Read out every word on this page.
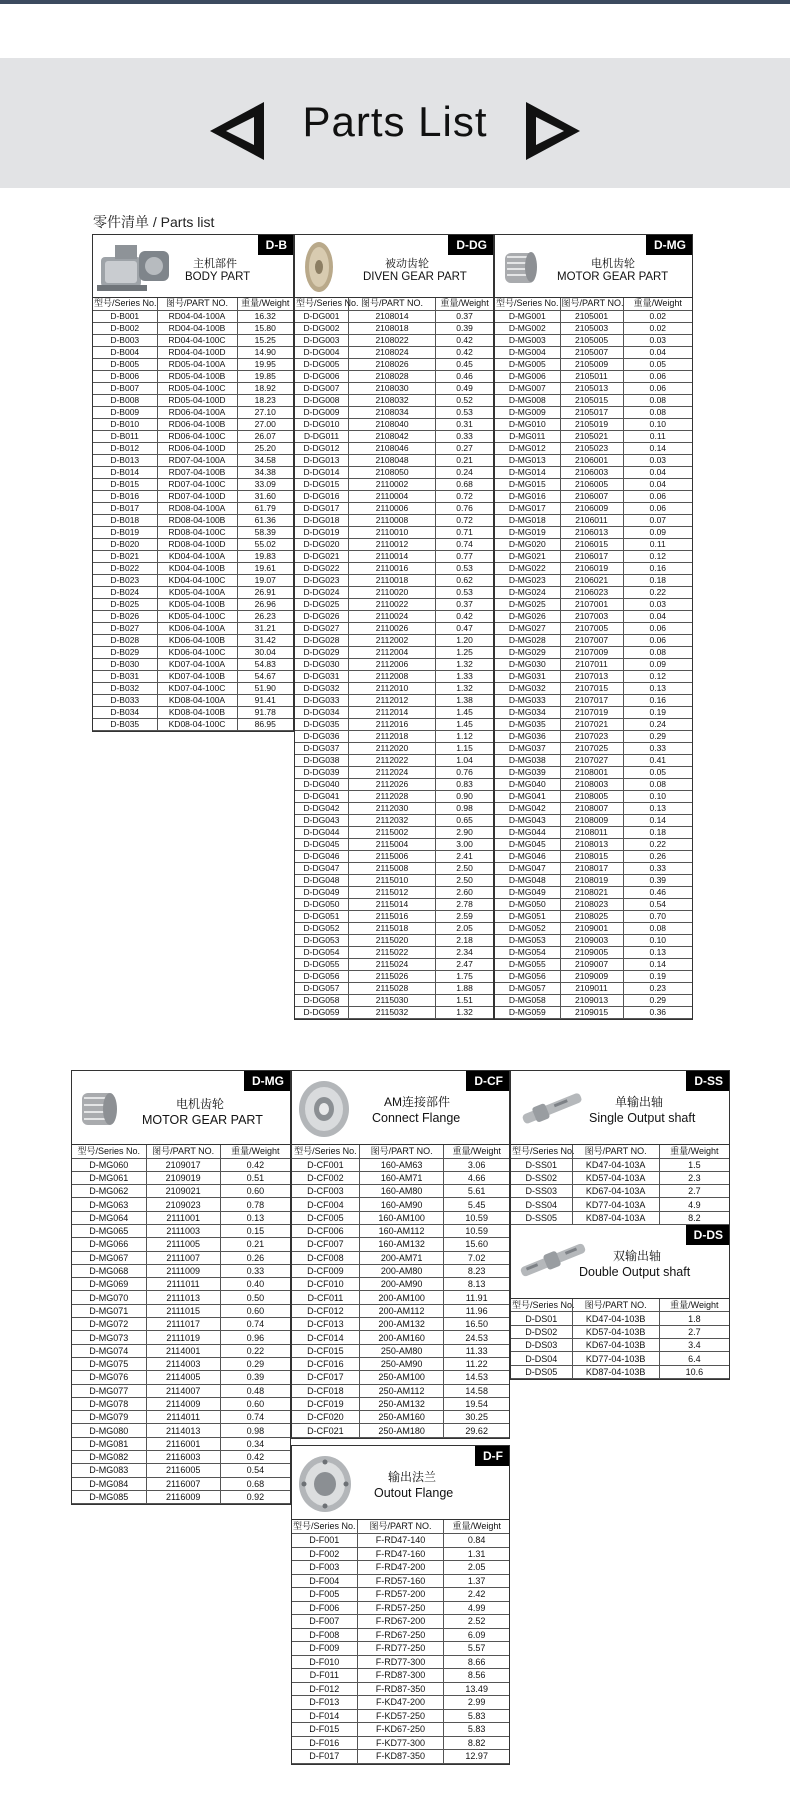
Parts List
零件清单 / Parts list
D-B
主机部件
BODY PART
型号/Series No.	图号/PART NO.	重量/Weight
D-B001	RD04-04-100A	16.32
D-B002	RD04-04-100B	15.80
D-B003	RD04-04-100C	15.25
D-B004	RD04-04-100D	14.90
D-B005	RD05-04-100A	19.95
D-B006	RD05-04-100B	19.85
D-B007	RD05-04-100C	18.92
D-B008	RD05-04-100D	18.23
D-B009	RD06-04-100A	27.10
D-B010	RD06-04-100B	27.00
D-B011	RD06-04-100C	26.07
D-B012	RD06-04-100D	25.20
D-B013	RD07-04-100A	34.58
D-B014	RD07-04-100B	34.38
D-B015	RD07-04-100C	33.09
D-B016	RD07-04-100D	31.60
D-B017	RD08-04-100A	61.79
D-B018	RD08-04-100B	61.36
D-B019	RD08-04-100C	58.39
D-B020	RD08-04-100D	55.02
D-B021	KD04-04-100A	19.83
D-B022	KD04-04-100B	19.61
D-B023	KD04-04-100C	19.07
D-B024	KD05-04-100A	26.91
D-B025	KD05-04-100B	26.96
D-B026	KD05-04-100C	26.23
D-B027	KD06-04-100A	31.21
D-B028	KD06-04-100B	31.42
D-B029	KD06-04-100C	30.04
D-B030	KD07-04-100A	54.83
D-B031	KD07-04-100B	54.67
D-B032	KD07-04-100C	51.90
D-B033	KD08-04-100A	91.41
D-B034	KD08-04-100B	91.78
D-B035	KD08-04-100C	86.95
D-DG
被动齿轮
DIVEN GEAR PART
型号/Series No.	图号/PART NO.	重量/Weight
D-DG001	2108014	0.37
D-DG002	2108018	0.39
D-DG003	2108022	0.42
D-DG004	2108024	0.42
D-DG005	2108026	0.45
D-DG006	2108028	0.46
D-DG007	2108030	0.49
D-DG008	2108032	0.52
D-DG009	2108034	0.53
D-DG010	2108040	0.31
D-DG011	2108042	0.33
D-DG012	2108046	0.27
D-DG013	2108048	0.21
D-DG014	2108050	0.24
D-DG015	2110002	0.68
D-DG016	2110004	0.72
D-DG017	2110006	0.76
D-DG018	2110008	0.72
D-DG019	2110010	0.71
D-DG020	2110012	0.74
D-DG021	2110014	0.77
D-DG022	2110016	0.53
D-DG023	2110018	0.62
D-DG024	2110020	0.53
D-DG025	2110022	0.37
D-DG026	2110024	0.42
D-DG027	2110026	0.47
D-DG028	2112002	1.20
D-DG029	2112004	1.25
D-DG030	2112006	1.32
D-DG031	2112008	1.33
D-DG032	2112010	1.32
D-DG033	2112012	1.38
D-DG034	2112014	1.45
D-DG035	2112016	1.45
D-DG036	2112018	1.12
D-DG037	2112020	1.15
D-DG038	2112022	1.04
D-DG039	2112024	0.76
D-DG040	2112026	0.83
D-DG041	2112028	0.90
D-DG042	2112030	0.98
D-DG043	2112032	0.65
D-DG044	2115002	2.90
D-DG045	2115004	3.00
D-DG046	2115006	2.41
D-DG047	2115008	2.50
D-DG048	2115010	2.50
D-DG049	2115012	2.60
D-DG050	2115014	2.78
D-DG051	2115016	2.59
D-DG052	2115018	2.05
D-DG053	2115020	2.18
D-DG054	2115022	2.34
D-DG055	2115024	2.47
D-DG056	2115026	1.75
D-DG057	2115028	1.88
D-DG058	2115030	1.51
D-DG059	2115032	1.32
D-MG
电机齿轮
MOTOR GEAR PART
型号/Series No.	图号/PART NO.	重量/Weight
D-MG001	2105001	0.02
D-MG002	2105003	0.02
D-MG003	2105005	0.03
D-MG004	2105007	0.04
D-MG005	2105009	0.05
D-MG006	2105011	0.06
D-MG007	2105013	0.06
D-MG008	2105015	0.08
D-MG009	2105017	0.08
D-MG010	2105019	0.10
D-MG011	2105021	0.11
D-MG012	2105023	0.14
D-MG013	2106001	0.03
D-MG014	2106003	0.04
D-MG015	2106005	0.04
D-MG016	2106007	0.06
D-MG017	2106009	0.06
D-MG018	2106011	0.07
D-MG019	2106013	0.09
D-MG020	2106015	0.11
D-MG021	2106017	0.12
D-MG022	2106019	0.16
D-MG023	2106021	0.18
D-MG024	2106023	0.22
D-MG025	2107001	0.03
D-MG026	2107003	0.04
D-MG027	2107005	0.06
D-MG028	2107007	0.06
D-MG029	2107009	0.08
D-MG030	2107011	0.09
D-MG031	2107013	0.12
D-MG032	2107015	0.13
D-MG033	2107017	0.16
D-MG034	2107019	0.19
D-MG035	2107021	0.24
D-MG036	2107023	0.29
D-MG037	2107025	0.33
D-MG038	2107027	0.41
D-MG039	2108001	0.05
D-MG040	2108003	0.08
D-MG041	2108005	0.10
D-MG042	2108007	0.13
D-MG043	2108009	0.14
D-MG044	2108011	0.18
D-MG045	2108013	0.22
D-MG046	2108015	0.26
D-MG047	2108017	0.33
D-MG048	2108019	0.39
D-MG049	2108021	0.46
D-MG050	2108023	0.54
D-MG051	2108025	0.70
D-MG052	2109001	0.08
D-MG053	2109003	0.10
D-MG054	2109005	0.13
D-MG055	2109007	0.14
D-MG056	2109009	0.19
D-MG057	2109011	0.23
D-MG058	2109013	0.29
D-MG059	2109015	0.36
D-MG
电机齿轮
MOTOR GEAR PART
型号/Series No.	图号/PART NO.	重量/Weight
D-MG060	2109017	0.42
D-MG061	2109019	0.51
D-MG062	2109021	0.60
D-MG063	2109023	0.78
D-MG064	2111001	0.13
D-MG065	2111003	0.15
D-MG066	2111005	0.21
D-MG067	2111007	0.26
D-MG068	2111009	0.33
D-MG069	2111011	0.40
D-MG070	2111013	0.50
D-MG071	2111015	0.60
D-MG072	2111017	0.74
D-MG073	2111019	0.96
D-MG074	2114001	0.22
D-MG075	2114003	0.29
D-MG076	2114005	0.39
D-MG077	2114007	0.48
D-MG078	2114009	0.60
D-MG079	2114011	0.74
D-MG080	2114013	0.98
D-MG081	2116001	0.34
D-MG082	2116003	0.42
D-MG083	2116005	0.54
D-MG084	2116007	0.68
D-MG085	2116009	0.92
D-CF
AM连接部件
Connect Flange
型号/Series No.	图号/PART NO.	重量/Weight
D-CF001	160-AM63	3.06
D-CF002	160-AM71	4.66
D-CF003	160-AM80	5.61
D-CF004	160-AM90	5.45
D-CF005	160-AM100	10.59
D-CF006	160-AM112	10.59
D-CF007	160-AM132	15.60
D-CF008	200-AM71	7.02
D-CF009	200-AM80	8.23
D-CF010	200-AM90	8.13
D-CF011	200-AM100	11.91
D-CF012	200-AM112	11.96
D-CF013	200-AM132	16.50
D-CF014	200-AM160	24.53
D-CF015	250-AM80	11.33
D-CF016	250-AM90	11.22
D-CF017	250-AM100	14.53
D-CF018	250-AM112	14.58
D-CF019	250-AM132	19.54
D-CF020	250-AM160	30.25
D-CF021	250-AM180	29.62
D-SS
单输出轴
Single Output shaft
型号/Series No.	图号/PART NO.	重量/Weight
D-SS01	KD47-04-103A	1.5
D-SS02	KD57-04-103A	2.3
D-SS03	KD67-04-103A	2.7
D-SS04	KD77-04-103A	4.9
D-SS05	KD87-04-103A	8.2
D-DS
双输出轴
Double Output shaft
型号/Series No.	图号/PART NO.	重量/Weight
D-DS01	KD47-04-103B	1.8
D-DS02	KD57-04-103B	2.7
D-DS03	KD67-04-103B	3.4
D-DS04	KD77-04-103B	6.4
D-DS05	KD87-04-103B	10.6
D-F
输出法兰
Outout Flange
型号/Series No.	图号/PART NO.	重量/Weight
D-F001	F-RD47-140	0.84
D-F002	F-RD47-160	1.31
D-F003	F-RD47-200	2.05
D-F004	F-RD57-160	1.37
D-F005	F-RD57-200	2.42
D-F006	F-RD57-250	4.99
D-F007	F-RD67-200	2.52
D-F008	F-RD67-250	6.09
D-F009	F-RD77-250	5.57
D-F010	F-RD77-300	8.66
D-F011	F-RD87-300	8.56
D-F012	F-RD87-350	13.49
D-F013	F-KD47-200	2.99
D-F014	F-KD57-250	5.83
D-F015	F-KD67-250	5.83
D-F016	F-KD77-300	8.82
D-F017	F-KD87-350	12.97
